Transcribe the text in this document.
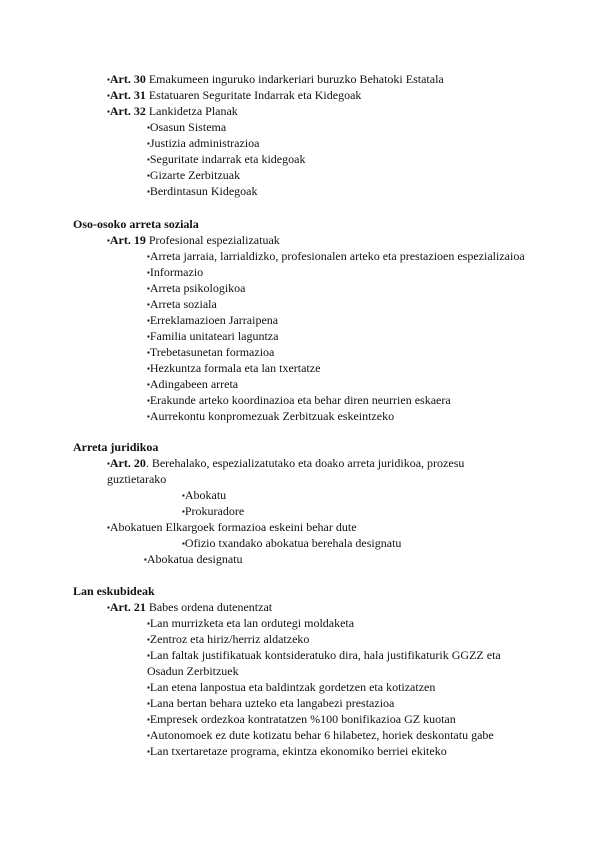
▪Art. 30 Emakumeen inguruko indarkeriari buruzko Behatoki Estatala
▪Art. 31 Estatuaren Seguritate Indarrak eta Kidegoak
▪Art. 32 Lankidetza Planak
▪Osasun Sistema
▪Justizia administrazioa
▪Seguritate indarrak eta kidegoak
▪Gizarte Zerbitzuak
▪Berdintasun Kidegoak
Oso-osoko arreta soziala
▪Art. 19 Profesional espezializatuak
▪Arreta jarraia, larrialdizko, profesionalen arteko eta prestazioen espezializaioa
▪Informazio
▪Arreta psikologikoa
▪Arreta soziala
▪Erreklamazioen Jarraipena
▪Familia unitateari laguntza
▪Trebetasunetan formazioa
▪Hezkuntza formala eta lan txertatze
▪Adingabeen arreta
▪Erakunde arteko koordinazioa eta behar diren neurrien eskaera
▪Aurrekontu konpromezuak Zerbitzuak eskeintzeko
Arreta juridikoa
▪Art. 20. Berehalako, espezializatutako eta doako arreta juridikoa, prozesu
guztietarako
▪Abokatu
▪Prokuradore
▪Abokatuen Elkargoek formazioa eskeini behar dute
▪Ofizio txandako abokatua berehala designatu
▪Abokatua designatu
Lan eskubideak
▪Art. 21 Babes ordena dutenentzat
▪Lan murrizketa eta lan ordutegi moldaketa
▪Zentroz eta hiriz/herriz aldatzeko
▪Lan faltak justifikatuak kontsideratuko dira, hala justifikaturik GGZZ eta
Osadun Zerbitzuek
▪Lan etena lanpostua eta baldintzak gordetzen eta kotizatzen
▪Lana bertan behara uzteko eta langabezi prestazioa
▪Empresek ordezkoa kontratatzen %100 bonifikazioa GZ kuotan
▪Autonomoek ez dute kotizatu behar 6 hilabetez, horiek deskontatu gabe
▪Lan txertaretaze programa, ekintza ekonomiko berriei ekiteko
